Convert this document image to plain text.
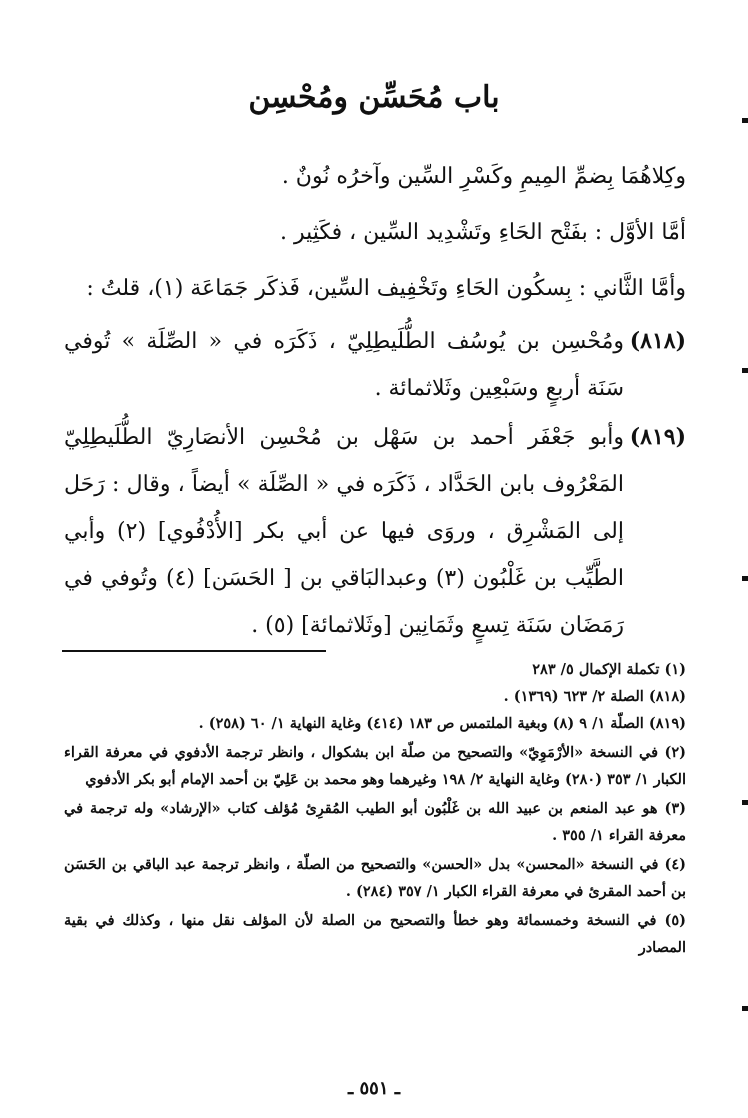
باب مُحَسِّن ومُحْسِن

وكِلاهُمَا بِضمِّ المِيمِ وكَسْرِ السِّين وآخرُه نُونٌ .

أمَّا الأوَّل : بفَتْح الحَاءِ وتَشْدِيد السِّين ، فكَثِير .

وأمَّا الثَّاني : بِسكُون الحَاءِ وتَخْفِيف السِّين، فَذكَر جَمَاعَة (١)، قلتُ :

(٨١٨)
ومُحْسِن بن يُوسُف الطُّلَيطِلِيّ ، ذَكَرَه في « الصِّلَة » تُوفي سَنَة أربعٍ وسَبْعِين وثَلاثمائة .
(٨١٩)
وأبو جَعْفَر أحمد بن سَهْل بن مُحْسِن الأنصَارِيّ الطُّلَيطِلِيّ المَعْرُوف بابن الحَدَّاد ، ذَكَرَه في « الصِّلَة » أيضاً ، وقال : رَحَل إلى المَشْرِق ، وروَى فيها عن أبي بكر [الأُدْفُوي] (٢) وأبي الطَّيِّب بن غَلْبُون (٣) وعبدالبَاقي بن [ الحَسَن] (٤) وتُوفي في رَمَضَان سَنَة تِسعٍ وثَمَانِين [وثَلاثمائة] (٥) .
(١) تكملة الإكمال ٥/ ٢٨٣
(٨١٨) الصلة ٢/ ٦٢٣ (١٣٦٩) .
(٨١٩) الصلّة ١/ ٩ (٨) وبغية الملتمس ص ١٨٣ (٤١٤) وغاية النهاية ١/ ٦٠ (٢٥٨) .
(٢) في النسخة «الأرْمَوِيّ» والتصحيح من صلّة ابن بشكوال ، وانظر ترجمة الأدفوي في معرفة القراء الكبار ١/ ٣٥٣ (٢٨٠) وغاية النهاية ٢/ ١٩٨ وغيرهما وهو محمد بن عَلِيّ بن أحمد الإمام أبو بكر الأدفوي
(٣) هو عبد المنعم بن عبيد الله بن غَلْبُون أبو الطيب المُقرِئ مُؤلف كتاب «الإرشاد» وله ترجمة في معرفة القراء ١/ ٣٥٥ .
(٤) في النسخة «المحسن» بدل «الحسن» والتصحيح من الصلّة ، وانظر ترجمة عبد الباقي بن الحَسَن بن أحمد المقرئ في معرفة القراء الكبار ١/ ٣٥٧ (٢٨٤) .
(٥) في النسخة وخمسمائة وهو خطأ والتصحيح من الصلة لأن المؤلف نقل منها ، وكذلك في بقية المصادر
ـ ٥٥١ ـ
